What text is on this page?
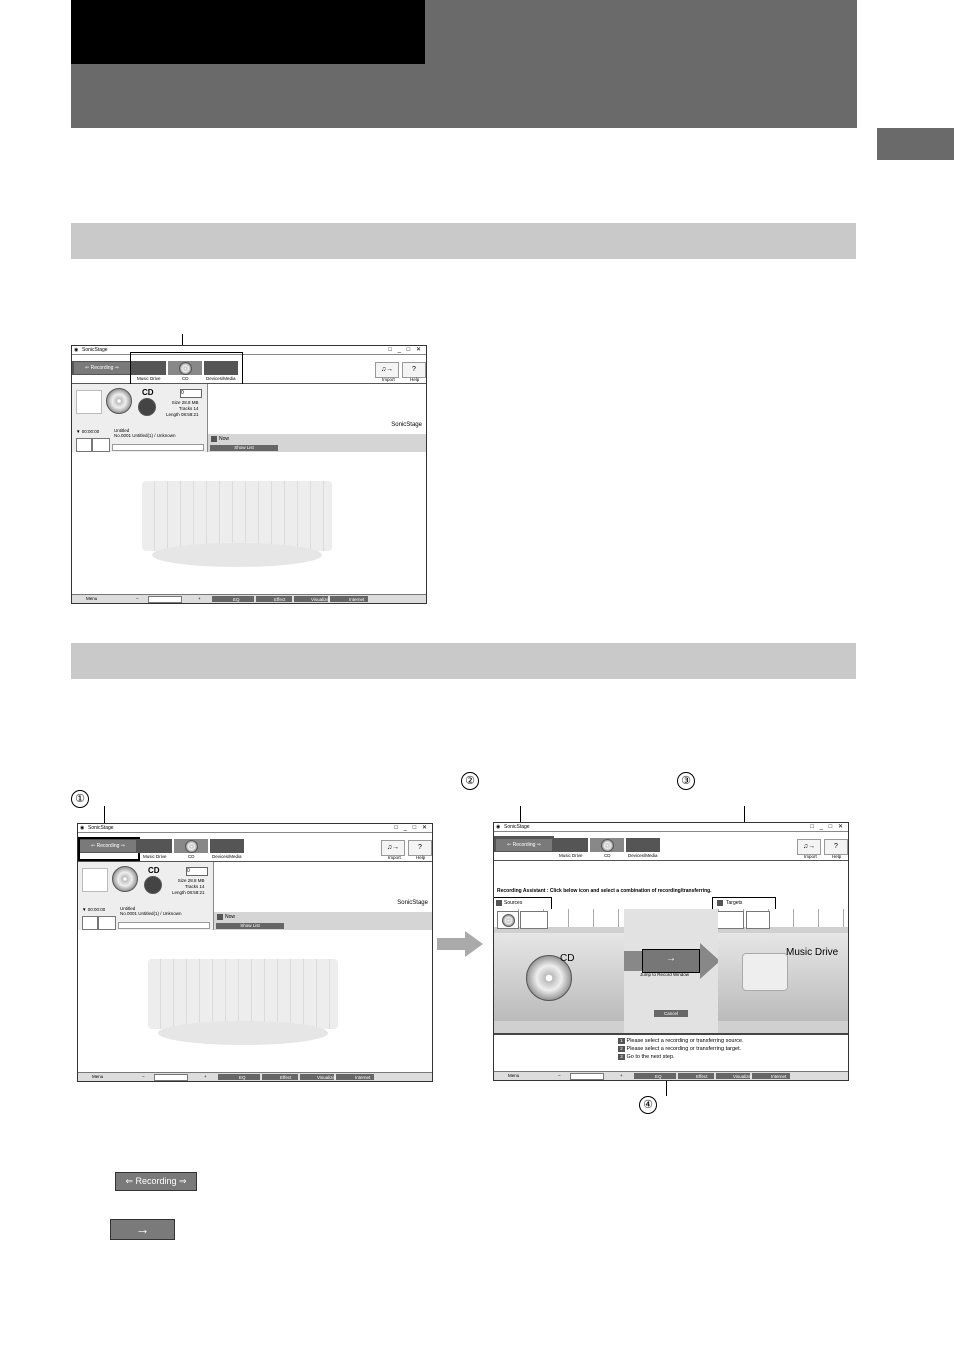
◉ SonicStage	□ _ □ ✕
⇐ Recording ⇒
Music Drive	CD	Devices/Media
♫→	?
Import	Help
CD	0
Size 28.8 MB
Tracks 14
Length 08:58:21
▼ 00:00:00	Untitled
No.0001 Untitled(1) / Unknown
SonicStage
Now
Show List
Menu	–	+	EQ	Effect	Visualizer	Internet
①
②	③
④
◉ SonicStage	□ _ □ ✕
⇐ Recording ⇒
Music Drive	CD	Devices/Media
♫→	?
Import	Help
CD	0
Size 28.8 MB
Tracks 14
Length 08:58:21
▼ 00:00:00	Untitled
No.0001 Untitled(1) / Unknown
SonicStage
Now
Show List
Menu	–	+	EQ	Effect	Visualizer	Internet
◉ SonicStage	□ _ □ ✕
⇐ Recording ⇒
Music Drive	CD	Devices/Media
♫→	?
Import	Help
Recording Assistant : Click below icon and select a combination of recording/transferring.
Sources	Targets
CD	→
Jump to Record Window
Cancel
Music Drive
1 Please select a recording or transferring source.
2 Please select a recording or transferring target.
3 Go to the next step.
Menu	–	+	EQ	Effect	Visualizer	Internet
⇐ Recording ⇒
→
